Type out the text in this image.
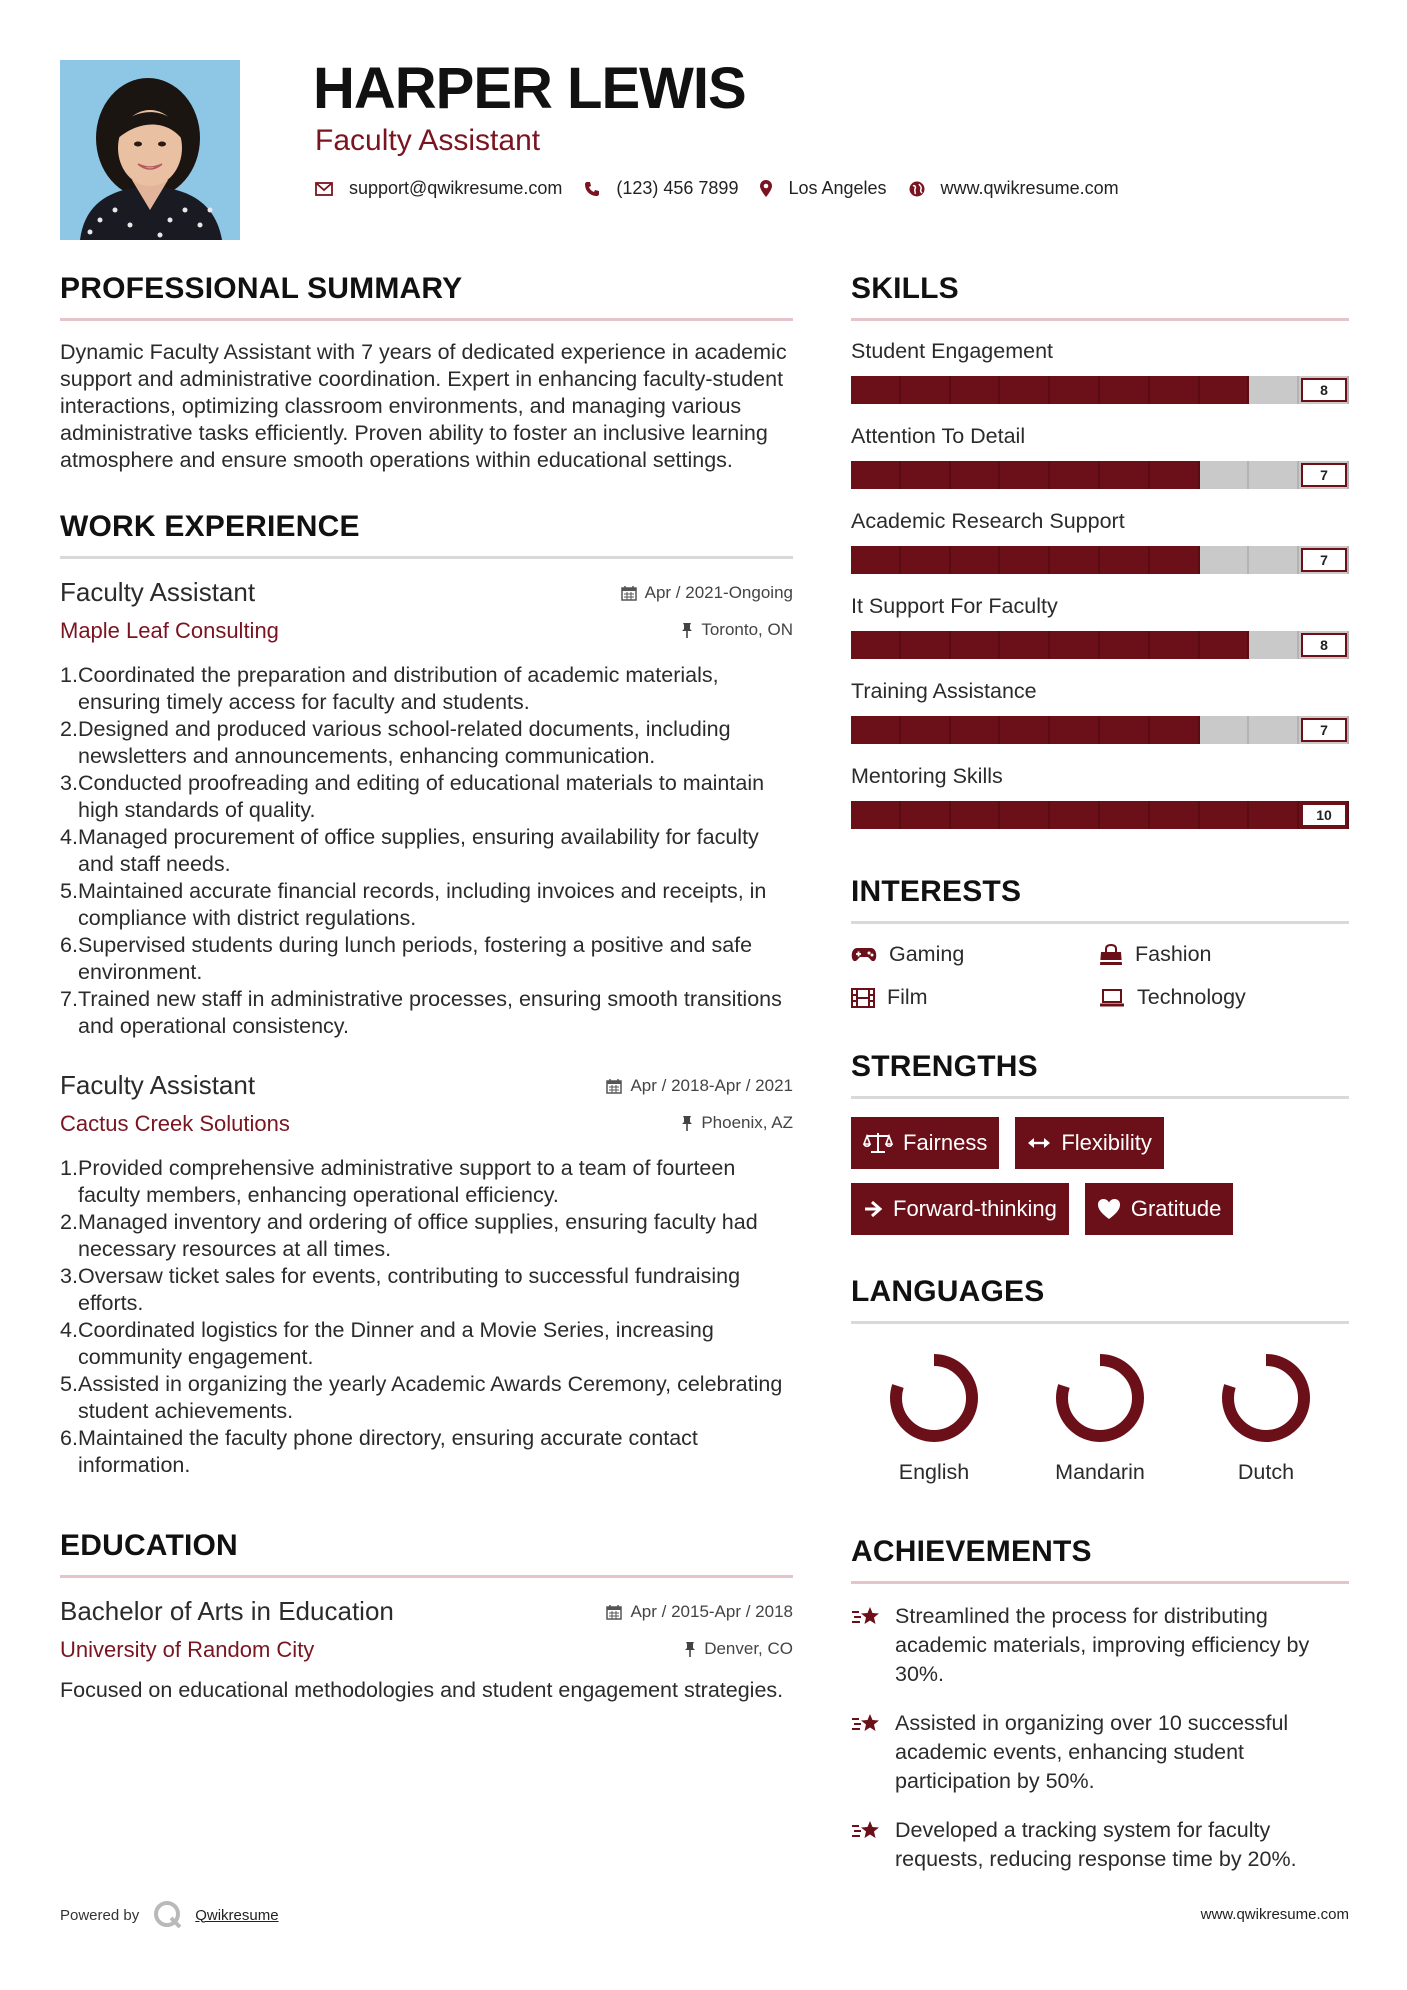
HARPER LEWIS
Faculty Assistant
support@qwikresume.com	(123) 456 7899	Los Angeles	www.qwikresume.com
PROFESSIONAL SUMMARY
Dynamic Faculty Assistant with 7 years of dedicated experience in academic support and administrative coordination. Expert in enhancing faculty-student interactions, optimizing classroom environments, and managing various administrative tasks efficiently. Proven ability to foster an inclusive learning atmosphere and ensure smooth operations within educational settings.
WORK EXPERIENCE
Faculty Assistant	Apr / 2021-Ongoing
Maple Leaf Consulting	Toronto, ON
1. Coordinated the preparation and distribution of academic materials, ensuring timely access for faculty and students.
2. Designed and produced various school-related documents, including newsletters and announcements, enhancing communication.
3. Conducted proofreading and editing of educational materials to maintain high standards of quality.
4. Managed procurement of office supplies, ensuring availability for faculty and staff needs.
5. Maintained accurate financial records, including invoices and receipts, in compliance with district regulations.
6. Supervised students during lunch periods, fostering a positive and safe environment.
7. Trained new staff in administrative processes, ensuring smooth transitions and operational consistency.
Faculty Assistant	Apr / 2018-Apr / 2021
Cactus Creek Solutions	Phoenix, AZ
1. Provided comprehensive administrative support to a team of fourteen faculty members, enhancing operational efficiency.
2. Managed inventory and ordering of office supplies, ensuring faculty had necessary resources at all times.
3. Oversaw ticket sales for events, contributing to successful fundraising efforts.
4. Coordinated logistics for the Dinner and a Movie Series, increasing community engagement.
5. Assisted in organizing the yearly Academic Awards Ceremony, celebrating student achievements.
6. Maintained the faculty phone directory, ensuring accurate contact information.
EDUCATION
Bachelor of Arts in Education	Apr / 2015-Apr / 2018
University of Random City	Denver, CO
Focused on educational methodologies and student engagement strategies.
SKILLS
Student Engagement
8
Attention To Detail
7
Academic Research Support
7
It Support For Faculty
8
Training Assistance
7
Mentoring Skills
10
INTERESTS
Gaming	Fashion
Film	Technology
STRENGTHS
Fairness	Flexibility
Forward-thinking	Gratitude
LANGUAGES
English	Mandarin	Dutch
ACHIEVEMENTS
Streamlined the process for distributing academic materials, improving efficiency by 30%.
Assisted in organizing over 10 successful academic events, enhancing student participation by 50%.
Developed a tracking system for faculty requests, reducing response time by 20%.
Powered by	Qwikresume	www.qwikresume.com
